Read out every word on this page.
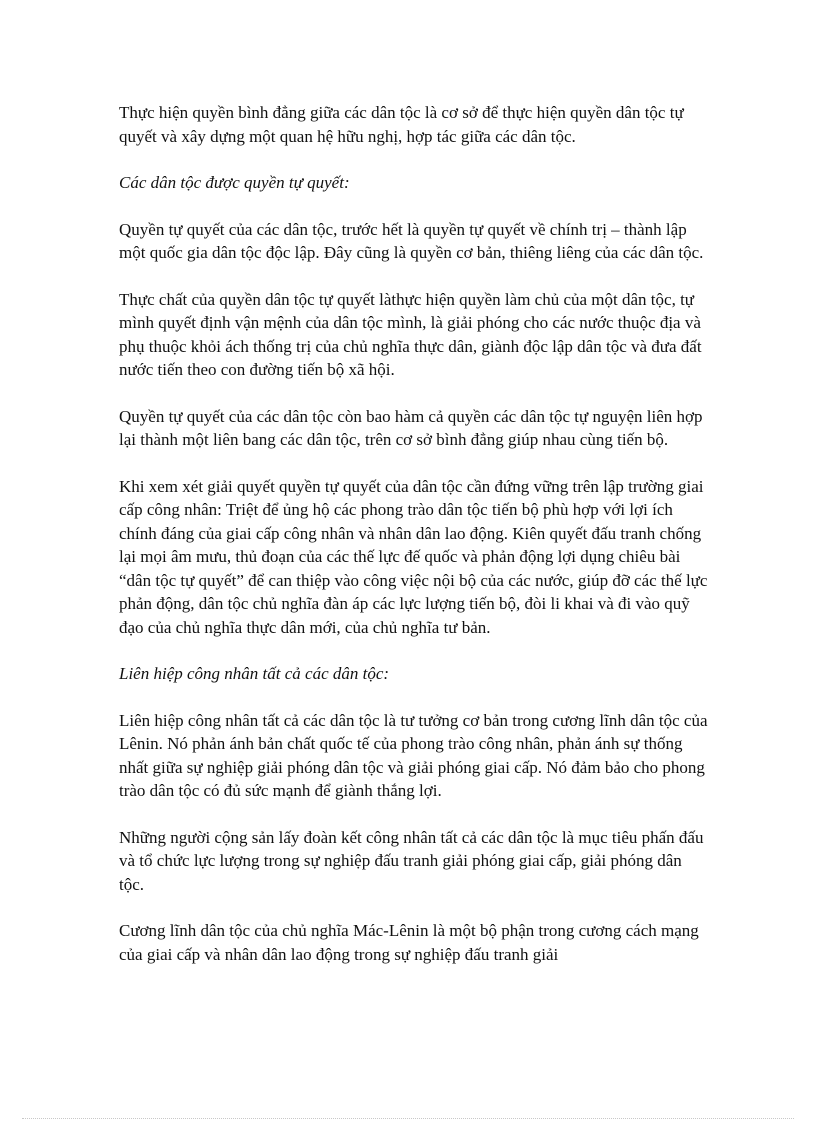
Thực hiện quyền bình đẳng giữa các dân tộc là cơ sở để thực hiện quyền dân tộc tự quyết và xây dựng một quan hệ hữu nghị, hợp tác giữa các dân tộc.

Các dân tộc được quyền tự quyết:

Quyền tự quyết của các dân tộc, trước hết là quyền tự quyết về chính trị – thành lập một quốc gia dân tộc độc lập. Đây cũng là quyền cơ bản, thiêng liêng của các dân tộc.

Thực chất của quyền dân tộc tự quyết làthực hiện quyền làm chủ của một dân tộc, tự mình quyết định vận mệnh của dân tộc mình, là giải phóng cho các nước thuộc địa và phụ thuộc khỏi ách thống trị của chủ nghĩa thực dân, giành độc lập dân tộc và đưa đất nước tiến theo con đường tiến bộ xã hội.

Quyền tự quyết của các dân tộc còn bao hàm cả quyền các dân tộc tự nguyện liên hợp lại thành một liên bang các dân tộc, trên cơ sở bình đẳng giúp nhau cùng tiến bộ.

Khi xem xét giải quyết quyền tự quyết của dân tộc cần đứng vững trên lập trường giai cấp công nhân: Triệt để ủng hộ các phong trào dân tộc tiến bộ phù hợp với lợi ích chính đáng của giai cấp công nhân và nhân dân lao động. Kiên quyết đấu tranh chống lại mọi âm mưu, thủ đoạn của các thế lực đế quốc và phản động lợi dụng chiêu bài “dân tộc tự quyết” để can thiệp vào công việc nội bộ của các nước, giúp đỡ các thế lực phản động, dân tộc chủ nghĩa đàn áp các lực lượng tiến bộ, đòi li khai và đi vào quỹ đạo của chủ nghĩa thực dân mới, của chủ nghĩa tư bản.

Liên hiệp công nhân tất cả các dân tộc:

Liên hiệp công nhân tất cả các dân tộc là tư tưởng cơ bản trong cương lĩnh dân tộc của Lênin. Nó phản ánh bản chất quốc tế của phong trào công nhân, phản ánh sự thống nhất giữa sự nghiệp giải phóng dân tộc và giải phóng giai cấp. Nó đảm bảo cho phong trào dân tộc có đủ sức mạnh để giành thắng lợi.

Những người cộng sản lấy đoàn kết công nhân tất cả các dân tộc là mục tiêu phấn đấu và tổ chức lực lượng trong sự nghiệp đấu tranh giải phóng giai cấp, giải phóng dân tộc.

Cương lĩnh dân tộc của chủ nghĩa Mác-Lênin là một bộ phận trong cương cách mạng của giai cấp và nhân dân lao động trong sự nghiệp đấu tranh giải
